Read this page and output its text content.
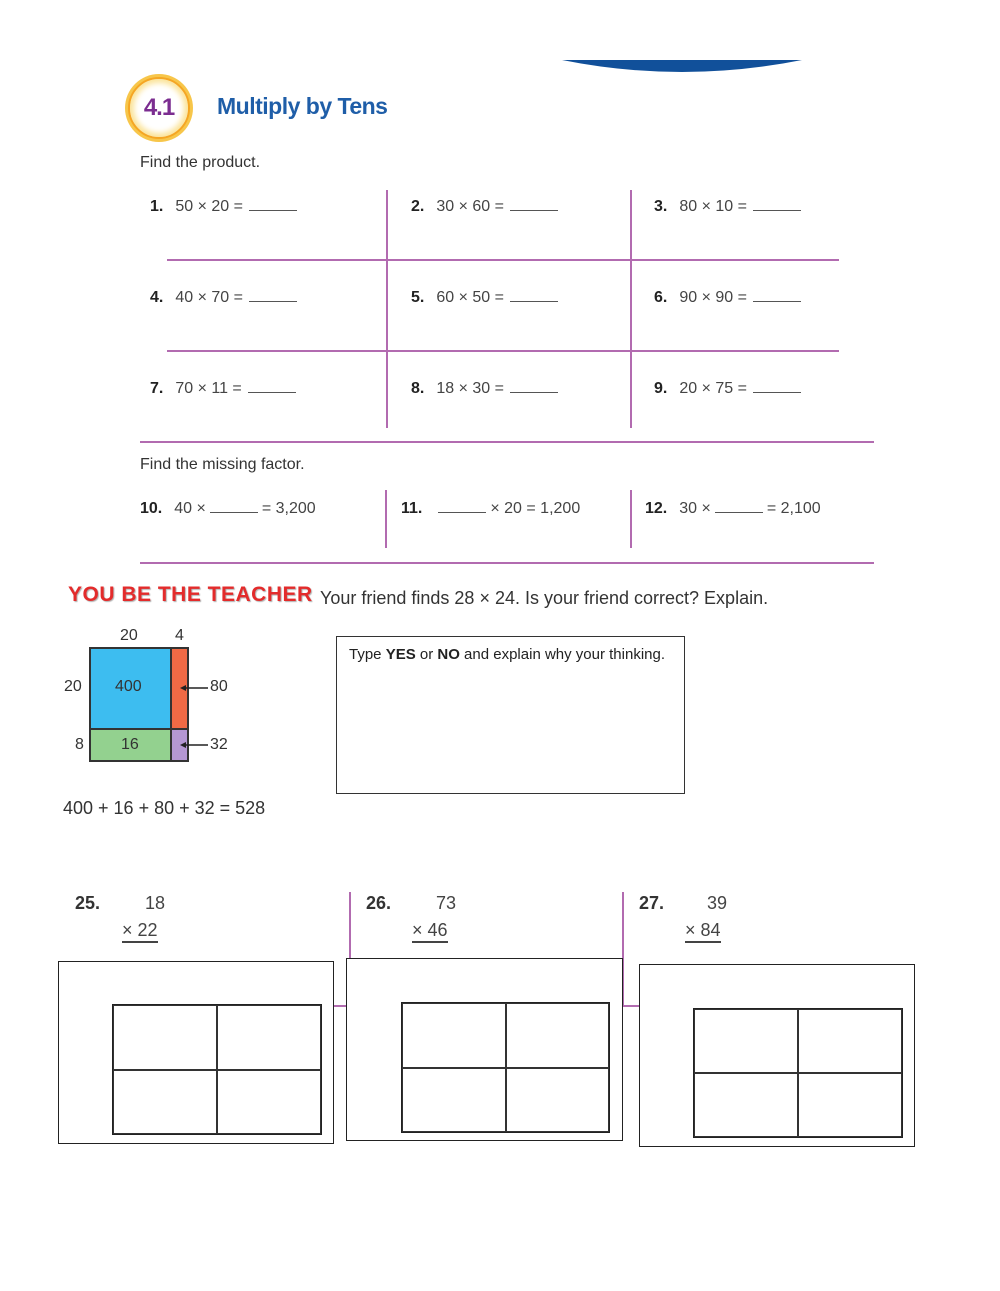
4.1 Multiply by Tens
Find the product.
1. 50 × 20 =	2. 30 × 60 =	3. 80 × 10 =
4. 40 × 70 =	5. 60 × 50 =	6. 90 × 90 =
7. 70 × 11 =	8. 18 × 30 =	9. 20 × 75 =
Find the missing factor.
10. 40 ×	= 3,200	11.	× 20 = 1,200	12. 30 ×	= 2,100
YOU BE THE TEACHER Your friend finds 28 × 24. Is your friend correct? Explain.
20 4
20
8
400
16
80
32
400 + 16 + 80 + 32 = 528
Type YES or NO and explain why your thinking.
25. 18
× 22
26. 73
× 46
27. 39
× 84
